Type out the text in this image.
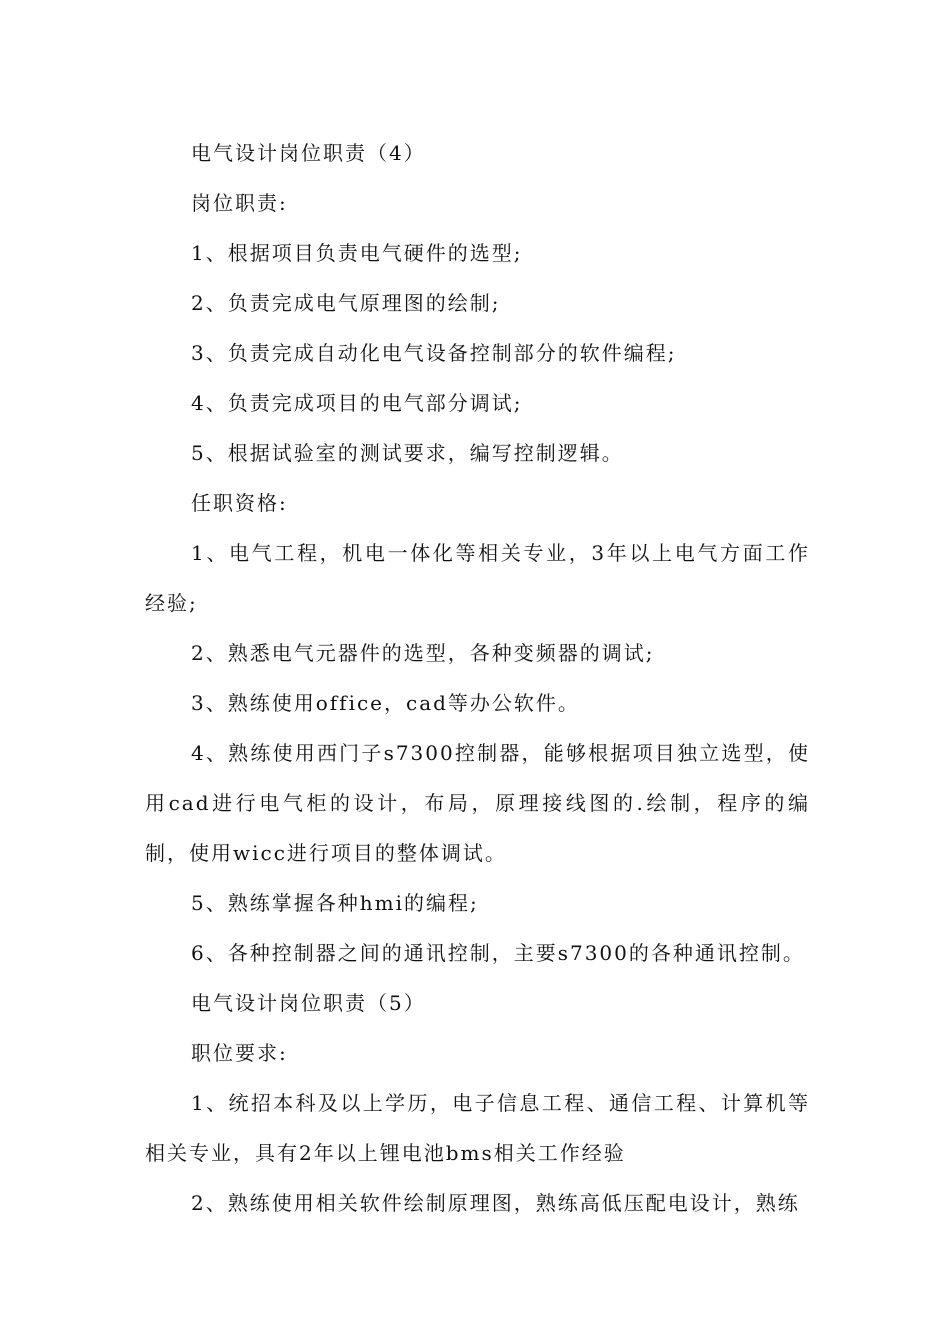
电气设计岗位职责（4）

岗位职责:

1、根据项目负责电气硬件的选型;

2、负责完成电气原理图的绘制;

3、负责完成自动化电气设备控制部分的软件编程;

4、负责完成项目的电气部分调试;

5、根据试验室的测试要求，编写控制逻辑。

任职资格:

1、电气工程，机电一体化等相关专业，3年以上电气方面工作经验;

2、熟悉电气元器件的选型，各种变频器的调试;

3、熟练使用office，cad等办公软件。

4、熟练使用西门子s7300控制器，能够根据项目独立选型，使用cad进行电气柜的设计，布局，原理接线图的.绘制，程序的编制，使用wicc进行项目的整体调试。

5、熟练掌握各种hmi的编程;

6、各种控制器之间的通讯控制，主要s7300的各种通讯控制。

电气设计岗位职责（5）

职位要求:

1、统招本科及以上学历，电子信息工程、通信工程、计算机等相关专业，具有2年以上锂电池bms相关工作经验

2、熟练使用相关软件绘制原理图，熟练高低压配电设计，熟练
